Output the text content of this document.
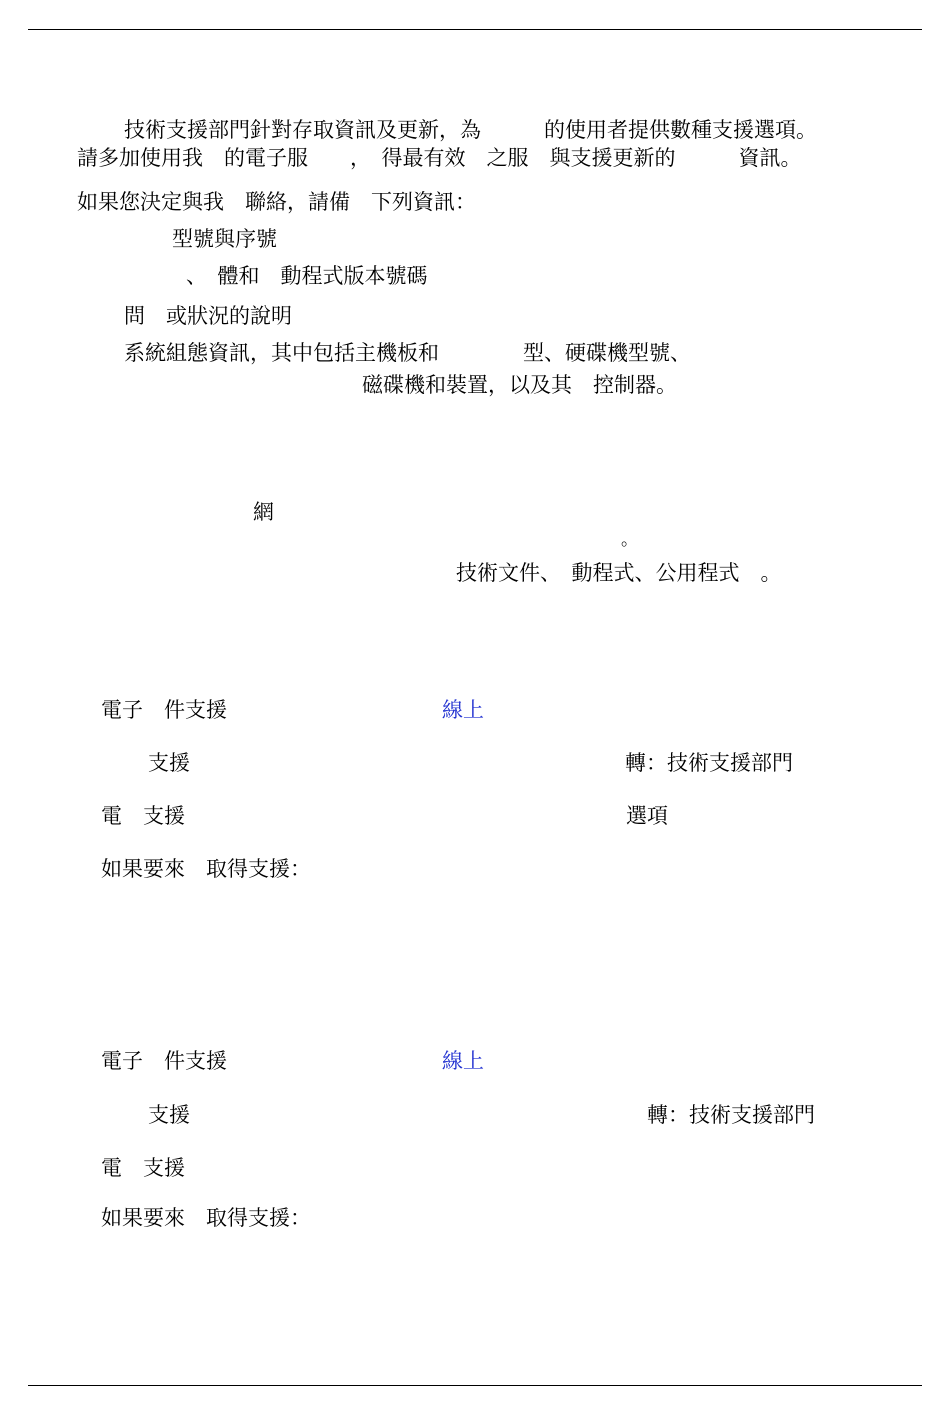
技術支援部門針對存取資訊及更新，為　　　的使用者提供數種支援選項。
請多加使用我　的電子服　　，　得最有效　之服　與支援更新的　　　資訊。
如果您決定與我　聯絡，請備　下列資訊：
型號與序號
、　體和　動程式版本號碼
問　或狀況的說明
系統組態資訊，其中包括主機板和　　　　型、硬碟機型號、
磁碟機和裝置，以及其　控制器。
網
。
技術文件、　動程式、公用程式　。
電子　件支援	線上
支援	轉：技術支援部門
電　支援	選項
如果要來　取得支援：
電子　件支援	線上
支援	轉：技術支援部門
電　支援
如果要來　取得支援：
